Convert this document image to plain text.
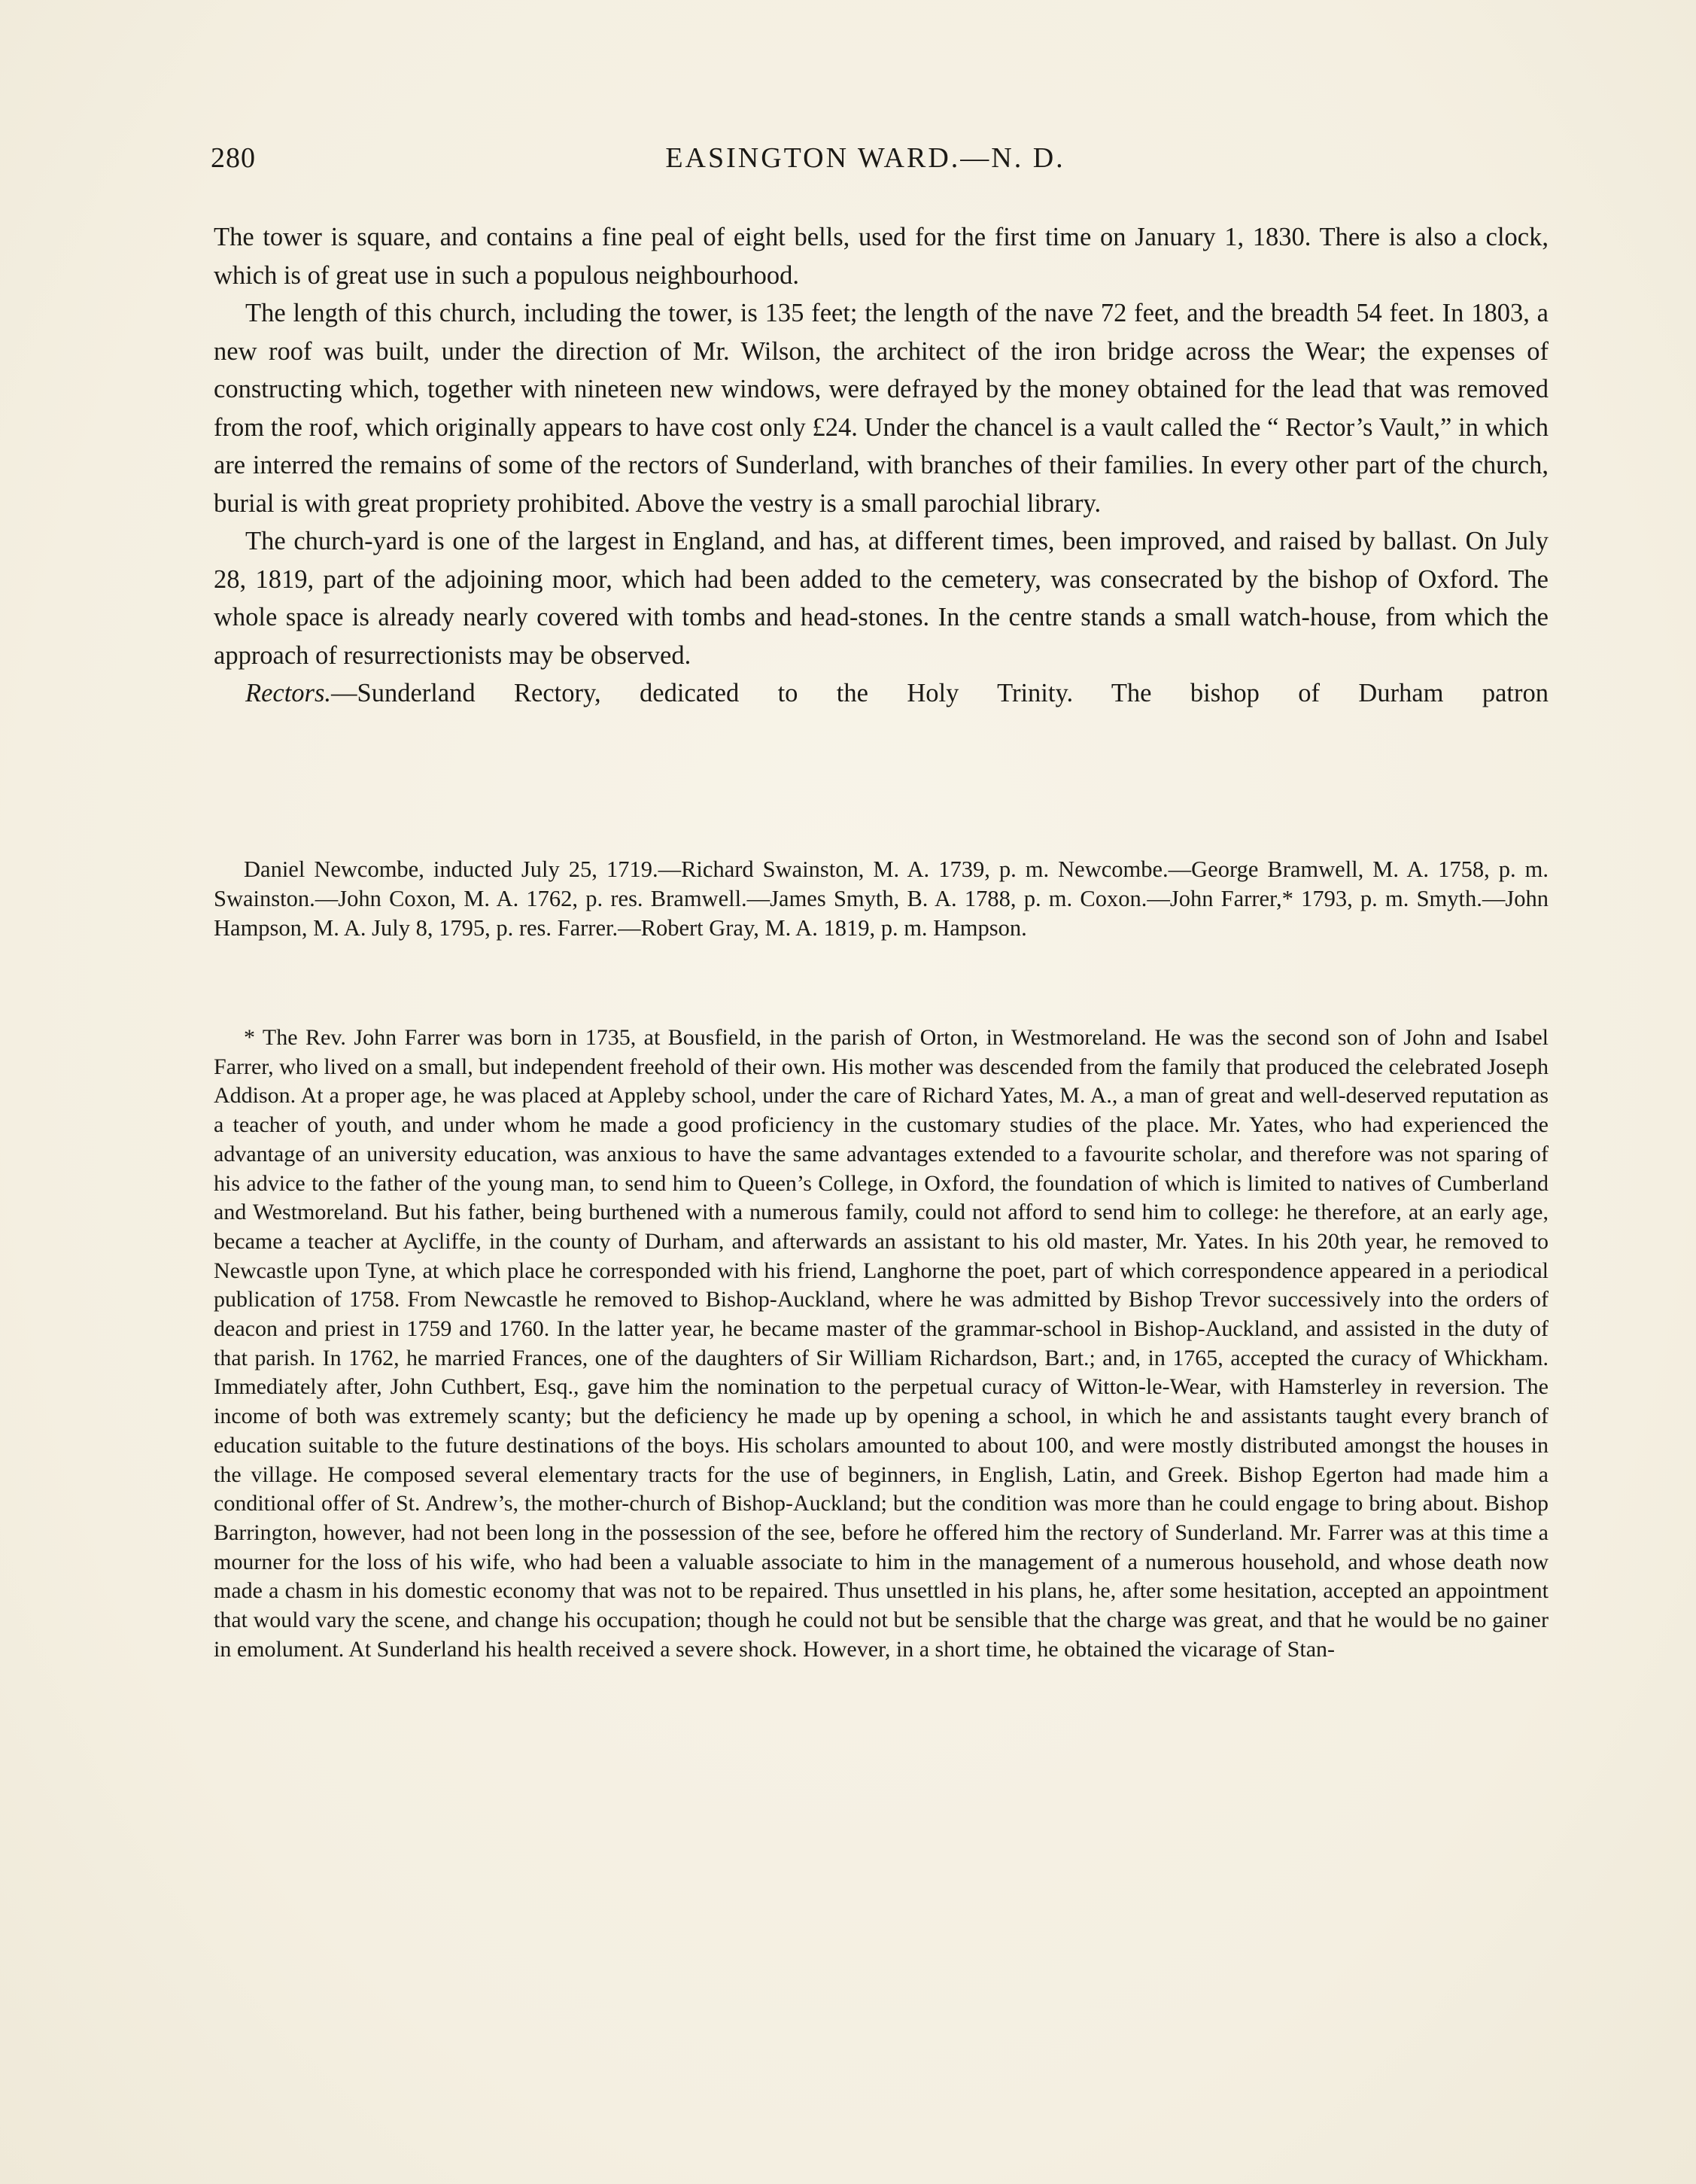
280	EASINGTON WARD.—N. D.

The tower is square, and contains a fine peal of eight bells, used for the first time on January 1, 1830. There is also a clock, which is of great use in such a populous neighbourhood.

The length of this church, including the tower, is 135 feet; the length of the nave 72 feet, and the breadth 54 feet. In 1803, a new roof was built, under the direction of Mr. Wilson, the architect of the iron bridge across the Wear; the expenses of constructing which, together with nineteen new windows, were defrayed by the money obtained for the lead that was removed from the roof, which originally appears to have cost only £24. Under the chancel is a vault called the “ Rector’s Vault,” in which are interred the remains of some of the rectors of Sunderland, with branches of their families. In every other part of the church, burial is with great propriety prohibited. Above the vestry is a small parochial library.

The church-yard is one of the largest in England, and has, at different times, been improved, and raised by ballast. On July 28, 1819, part of the adjoining moor, which had been added to the cemetery, was consecrated by the bishop of Oxford. The whole space is already nearly covered with tombs and head-stones. In the centre stands a small watch-house, from which the approach of resurrectionists may be observed.

Rectors.—Sunderland Rectory, dedicated to the Holy Trinity. The bishop of Durham patron

Daniel Newcombe, inducted July 25, 1719.—Richard Swainston, M. A. 1739, p. m. Newcombe.—George Bramwell, M. A. 1758, p. m. Swainston.—John Coxon, M. A. 1762, p. res. Bramwell.—James Smyth, B. A. 1788, p. m. Coxon.—John Farrer,* 1793, p. m. Smyth.—John Hampson, M. A. July 8, 1795, p. res. Farrer.—Robert Gray, M. A. 1819, p. m. Hampson.

* The Rev. John Farrer was born in 1735, at Bousfield, in the parish of Orton, in Westmoreland. He was the second son of John and Isabel Farrer, who lived on a small, but independent freehold of their own. His mother was descended from the family that produced the celebrated Joseph Addison. At a proper age, he was placed at Appleby school, under the care of Richard Yates, M. A., a man of great and well-deserved reputation as a teacher of youth, and under whom he made a good proficiency in the customary studies of the place. Mr. Yates, who had experienced the advantage of an university education, was anxious to have the same advantages extended to a favourite scholar, and therefore was not sparing of his advice to the father of the young man, to send him to Queen’s College, in Oxford, the foundation of which is limited to natives of Cumberland and Westmoreland. But his father, being burthened with a numerous family, could not afford to send him to college: he therefore, at an early age, became a teacher at Aycliffe, in the county of Durham, and afterwards an assistant to his old master, Mr. Yates. In his 20th year, he removed to Newcastle upon Tyne, at which place he corresponded with his friend, Langhorne the poet, part of which correspondence appeared in a periodical publication of 1758. From Newcastle he removed to Bishop-Auckland, where he was admitted by Bishop Trevor successively into the orders of deacon and priest in 1759 and 1760. In the latter year, he became master of the grammar-school in Bishop-Auckland, and assisted in the duty of that parish. In 1762, he married Frances, one of the daughters of Sir William Richardson, Bart.; and, in 1765, accepted the curacy of Whickham. Immediately after, John Cuthbert, Esq., gave him the nomination to the perpetual curacy of Witton-le-Wear, with Hamsterley in reversion. The income of both was extremely scanty; but the deficiency he made up by opening a school, in which he and assistants taught every branch of education suitable to the future destinations of the boys. His scholars amounted to about 100, and were mostly distributed amongst the houses in the village. He composed several elementary tracts for the use of beginners, in English, Latin, and Greek. Bishop Egerton had made him a conditional offer of St. Andrew’s, the mother-church of Bishop-Auckland; but the condition was more than he could engage to bring about. Bishop Barrington, however, had not been long in the possession of the see, before he offered him the rectory of Sunderland. Mr. Farrer was at this time a mourner for the loss of his wife, who had been a valuable associate to him in the management of a numerous household, and whose death now made a chasm in his domestic economy that was not to be repaired. Thus unsettled in his plans, he, after some hesitation, accepted an appointment that would vary the scene, and change his occupation; though he could not but be sensible that the charge was great, and that he would be no gainer in emolument. At Sunderland his health received a severe shock. However, in a short time, he obtained the vicarage of Stan-
